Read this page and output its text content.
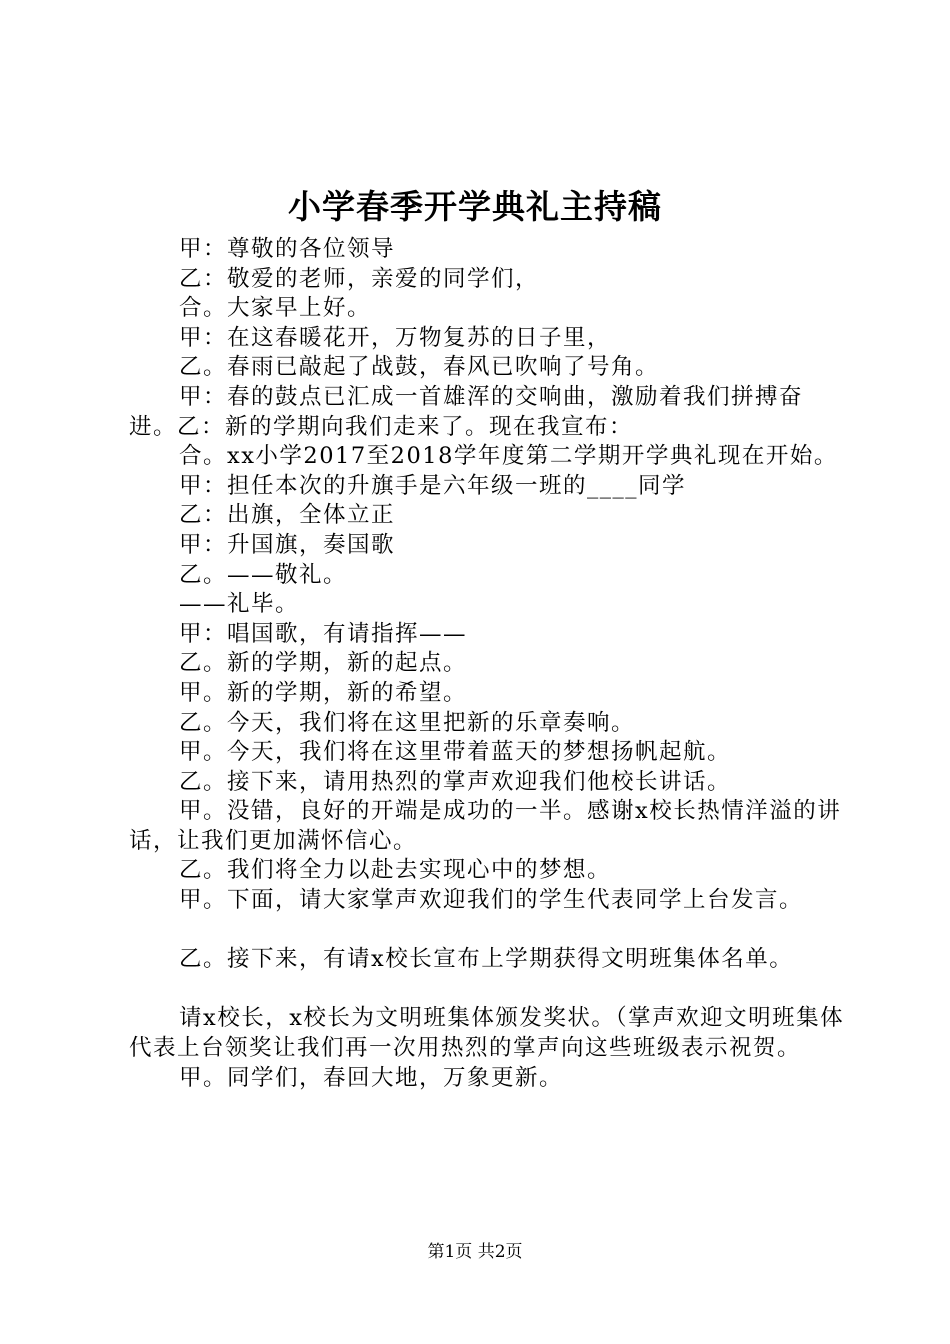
小学春季开学典礼主持稿

甲：尊敬的各位领导

乙：敬爱的老师，亲爱的同学们，

合。大家早上好。

甲：在这春暖花开，万物复苏的日子里，

乙。春雨已敲起了战鼓，春风已吹响了号角。

甲：春的鼓点已汇成一首雄浑的交响曲，激励着我们拼搏奋进。乙：新的学期向我们走来了。现在我宣布：

合。xx小学2017至2018学年度第二学期开学典礼现在开始。

甲：担任本次的升旗手是六年级一班的____同学

乙：出旗，全体立正

甲：升国旗，奏国歌

乙。——敬礼。

——礼毕。

甲：唱国歌，有请指挥——

乙。新的学期，新的起点。

甲。新的学期，新的希望。

乙。今天，我们将在这里把新的乐章奏响。

甲。今天，我们将在这里带着蓝天的梦想扬帆起航。

乙。接下来，请用热烈的掌声欢迎我们他校长讲话。

甲。没错，良好的开端是成功的一半。感谢x校长热情洋溢的讲话，让我们更加满怀信心。

乙。我们将全力以赴去实现心中的梦想。

甲。下面，请大家掌声欢迎我们的学生代表同学上台发言。

乙。接下来，有请x校长宣布上学期获得文明班集体名单。

请x校长，x校长为文明班集体颁发奖状。（掌声欢迎文明班集体代表上台领奖让我们再一次用热烈的掌声向这些班级表示祝贺。

甲。同学们，春回大地，万象更新。

第1页 共2页
